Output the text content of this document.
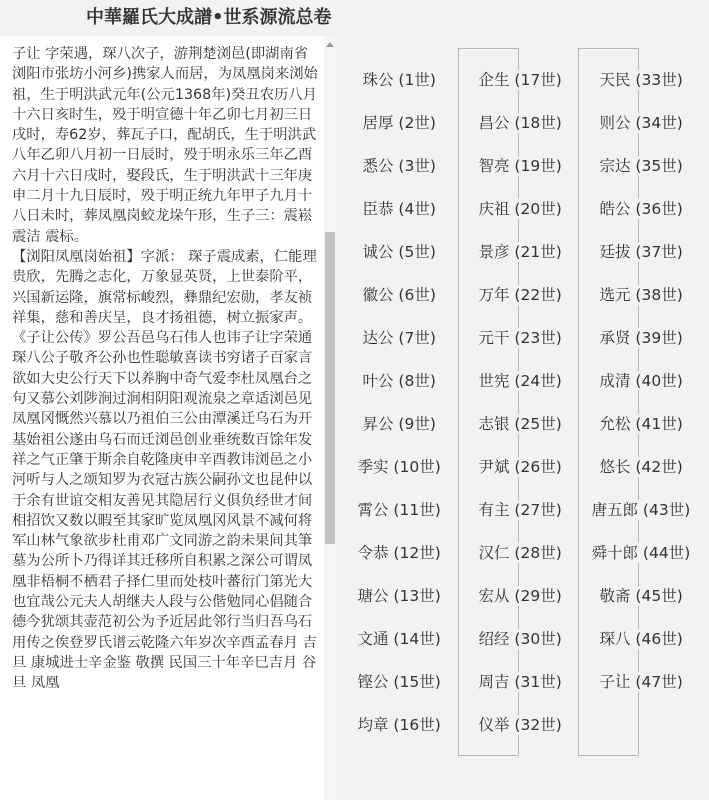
中華羅氏大成譜•世系源流总卷

子让 字荣遇，琛八次子，游荆楚浏邑(即湖南省浏阳市张坊小河乡)携家人而居，为凤凰岗来浏始祖，生于明洪武元年(公元1368年)癸丑农历八月十六日亥时生，殁于明宣德十年乙卯七月初三日戌时，寿62岁，葬瓦子口，配胡氏，生于明洪武八年乙卯八月初一日辰时，殁于明永乐三年乙酉六月十六日戌时，娶段氏，生于明洪武十三年庚申二月十九日辰时，殁于明正统九年甲子九月十八日未时，葬凤凰岗蛟龙垛午形，生子三：震崧 震洁 震标。

【浏阳凤凰岗始祖】字派： 琛子震成素，仁能理贵欣，先腾之志化，万象显英贤，上世泰阶平，兴国新运隆，旗常标峻烈，彝鼎纪宏勋，孝友祯祥集，慈和善庆呈，良才扬祖德，树立振家声。

《子让公传》罗公吾邑乌石伟人也讳子让字荣通琛八公子敬齐公孙也性聪敏喜读书穷诸子百家言欲如大史公行天下以养胸中奇气爱李杜凤凰台之句又慕公刘陟涧过涧相阴阳观流泉之章适浏邑见凤凰冈慨然兴慕以乃祖伯三公由潭溪迁乌石为开基始祖公遂由乌石而迁浏邑创业垂统数百馀年发祥之气正肇于斯余自乾隆庚申辛酉教讳浏邑之小河听与人之颂知罗为衣冠古族公嗣孙文也昆仲以于余有世谊交相友善见其隐居行义俱负经世才间相招饮又数以暇至其家旷览凤凰冈风景不减何将军山林气象欲步杜甫邓广文同游之韵未果间其筆墓为公所卜乃得详其迁移所自积累之深公可谓凤凰非梧桐不栖君子择仁里而处枝叶蕃衍门第光大也宜哉公元夫人胡继夫人段与公偕勉同心倡随合德今犹颂其壶范初公为予近居此邻行当归吾乌石用传之俟登罗氏谱云乾隆六年岁次辛酉孟春月 吉旦 康城进士辛金鉴 敬撰 民国三十年辛巳吉月 谷旦 凤凰

珠公 (1世)
居厚 (2世)
悉公 (3世)
臣恭 (4世)
诚公 (5世)
徽公 (6世)
达公 (7世)
叶公 (8世)
昇公 (9世)
季实 (10世)
霄公 (11世)
令恭 (12世)
瑭公 (13世)
文通 (14世)
铿公 (15世)
均章 (16世)
企生 (17世)
昌公 (18世)
智亮 (19世)
庆祖 (20世)
景彦 (21世)
万年 (22世)
元干 (23世)
世宪 (24世)
志银 (25世)
尹斌 (26世)
有主 (27世)
汉仁 (28世)
宏从 (29世)
绍经 (30世)
周吉 (31世)
仪举 (32世)
天民 (33世)
则公 (34世)
宗达 (35世)
皓公 (36世)
廷拔 (37世)
选元 (38世)
承贤 (39世)
成清 (40世)
允松 (41世)
悠长 (42世)
唐五郎 (43世)
舜十郎 (44世)
敬斋 (45世)
琛八 (46世)
子让 (47世)
